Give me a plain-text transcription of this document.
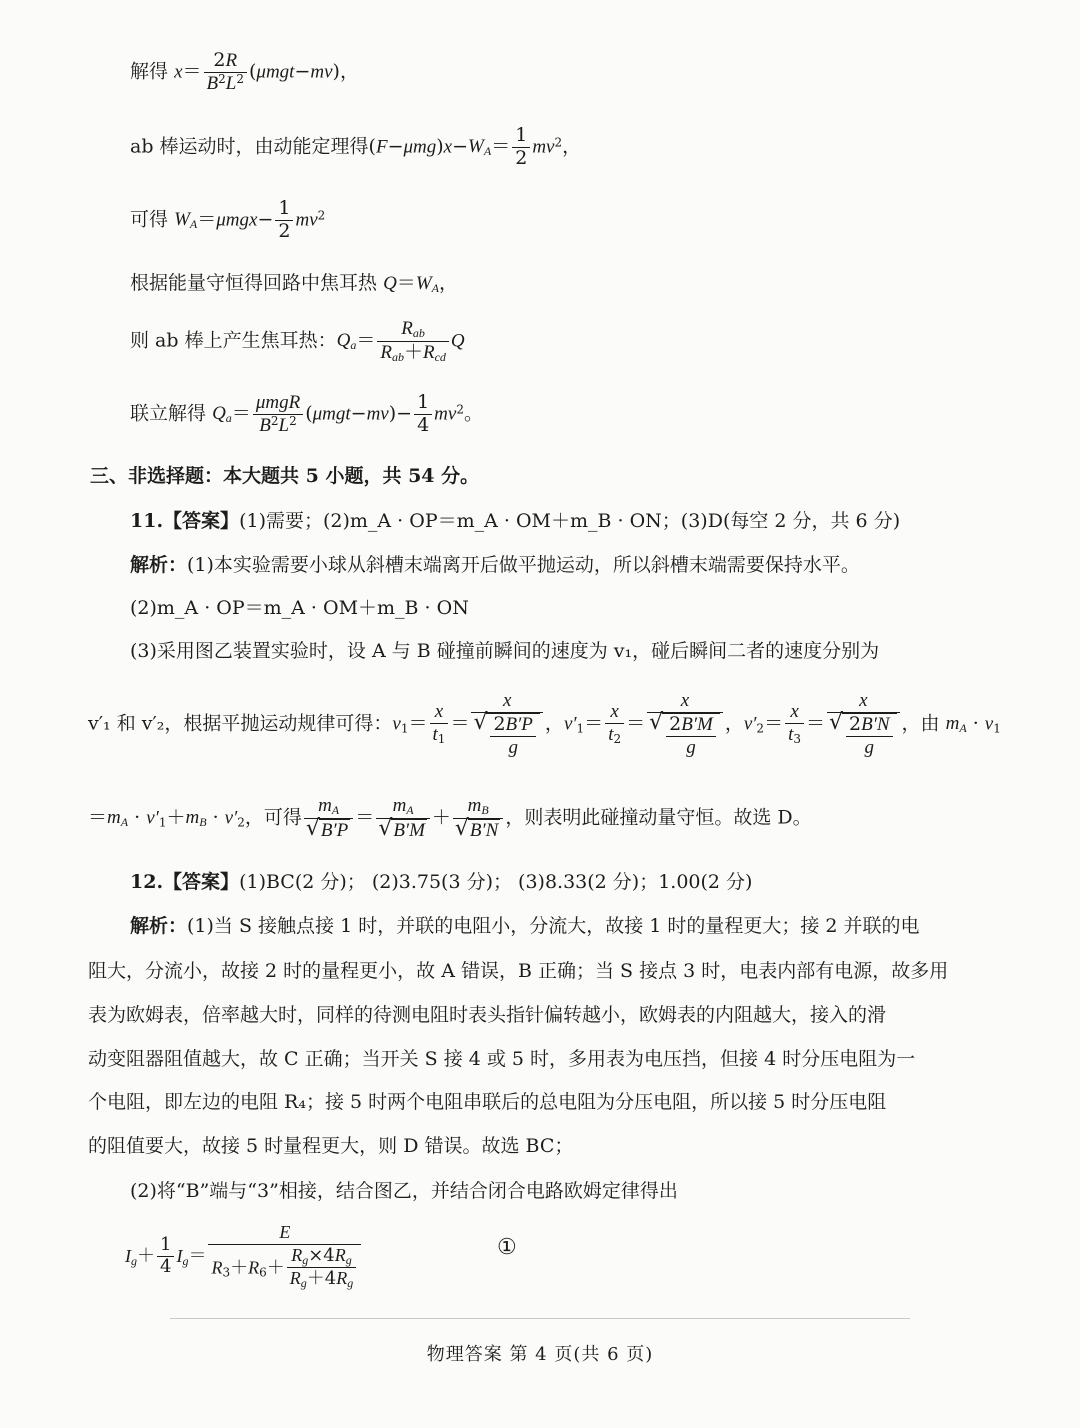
解得 $x= \frac{2R}{B^2L^2} (\mu mgt-mv)$，
ab 棒运动时，由动能定理得$(F-\mu mg)x-W_A= \frac{1}{2} mv^2$，
可得 $W_A=\mu mgx- \frac{1}{2} mv^2$
根据能量守恒得回路中焦耳热 $Q=W_A$，
则 ab 棒上产生焦耳热：$Q_a= \frac{R_{ab}}{R_{ab}+R_{cd}}$ Q
联立解得 $Q_a= \frac{\text{μmgR}}{B^2L^2} (\mu mgt-mv)- \frac{1}{4} mv^2$。
三、非选择题：本大题共 5 小题，共 54 分。
11.【答案】(1)需要；(2)m_A · OP＝m_A · OM＋m_B · ON；(3)D(每空 2 分，共 6 分)
解析：(1)本实验需要小球从斜槽末端离开后做平抛运动，所以斜槽末端需要保持水平。
(2)m_A · OP＝m_A · OM＋m_B · ON
(3)采用图乙装置实验时，设 A 与 B 碰撞前瞬间的速度为 v₁，碰后瞬间二者的速度分别为
v′₁ 和 v′₂，根据平抛运动规律可得：$v_1= \frac{x}{t_1} = x$
√ $\frac{2B'P}{g}$ ，$v'_1= \frac{x}{t_2} = x$
√ $\frac{2B'M}{g}$ ，$v'_2= \frac{x}{t_3} = x$
√ $\frac{2B'N}{g}$ ，由 $m_A \cdot v_1$
$=m_A \cdot v'_1+m_B \cdot v'_2$，可得 $m_A$
√ $B'P = m_A$
√ $B'M + m_B$
√ B′N ，则表明此碰撞动量守恒。故选 D。
12.【答案】(1)BC(2 分)； (2)3.75(3 分)； (3)8.33(2 分)；1.00(2 分)
解析：(1)当 S 接触点接 1 时，并联的电阻小，分流大，故接 1 时的量程更大；接 2 并联的电
阻大，分流小，故接 2 时的量程更小，故 A 错误，B 正确；当 S 接点 3 时，电表内部有电源，故多用
表为欧姆表，倍率越大时，同样的待测电阻时表头指针偏转越小，欧姆表的内阻越大，接入的滑
动变阻器阻值越大，故 C 正确；当开关 S 接 4 或 5 时，多用表为电压挡，但接 4 时分压电阻为一
个电阻，即左边的电阻 R₄；接 5 时两个电阻串联后的总电阻为分压电阻，所以接 5 时分压电阻
的阻值要大，故接 5 时量程更大，则 D 错误。故选 BC；
(2)将“B”端与“3”相接，结合图乙，并结合闭合电路欧姆定律得出
$I_g+ \frac{1}{4} I_g= \frac{E}{R_3+R_6+ \frac{R_g\times 4R_g}{R_g+4R_g}}$	①
物理答案 第 4 页(共 6 页)
